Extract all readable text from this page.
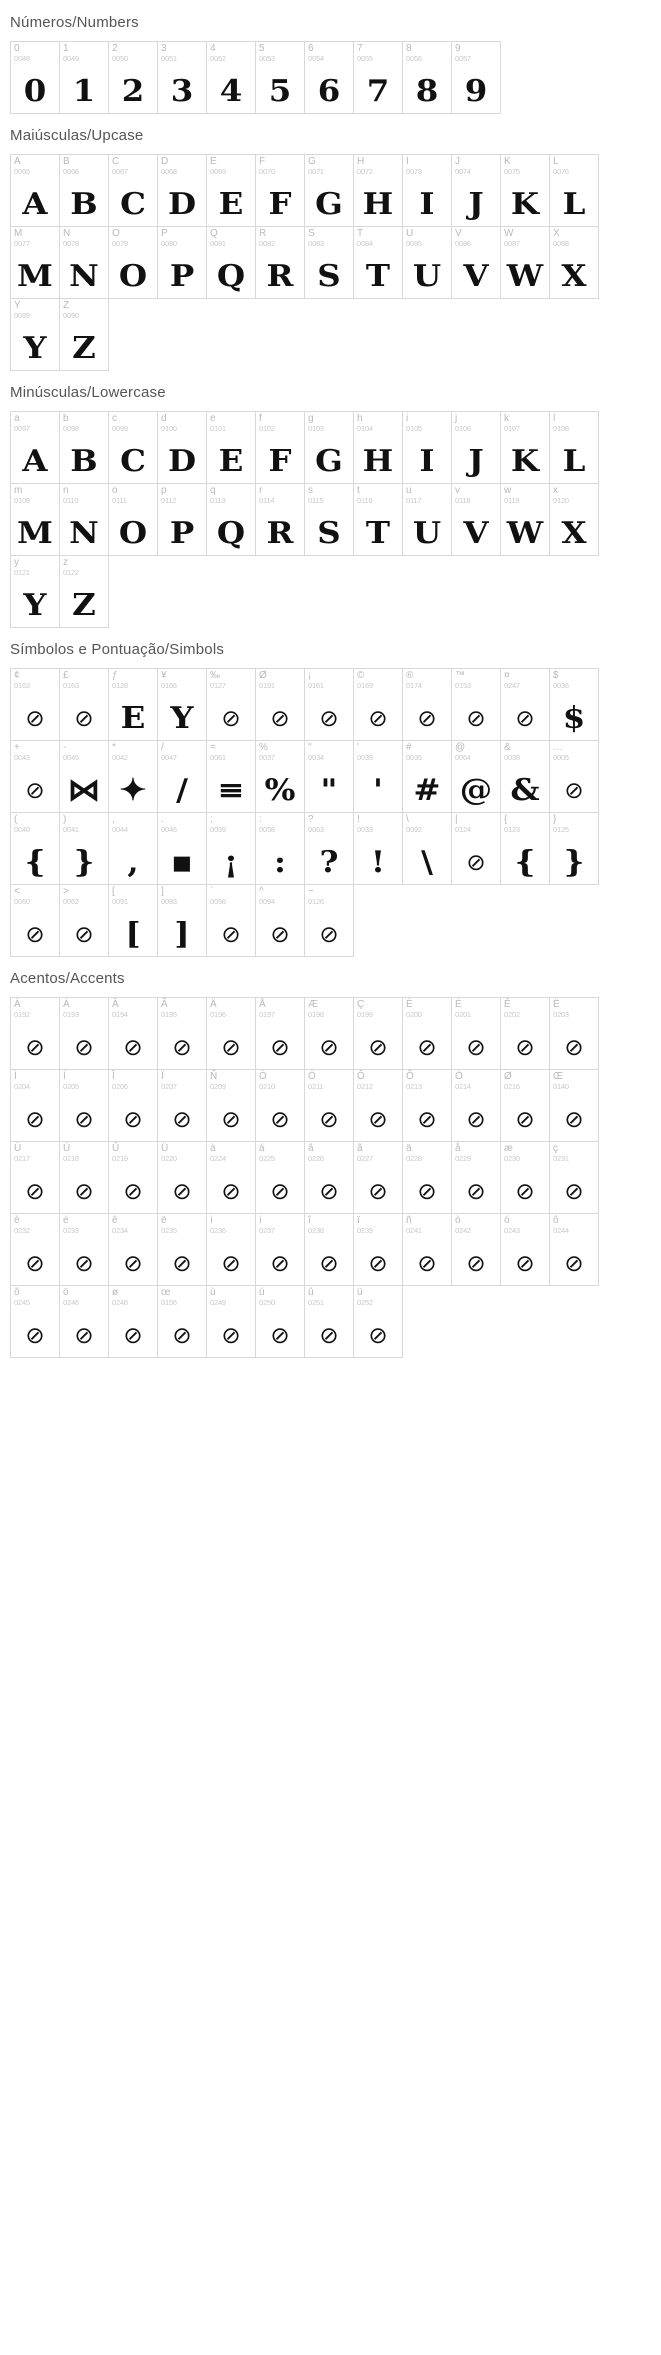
Números/Numbers
0
0048
0
1
0049
1
2
0050
2
3
0051
3
4
0052
4
5
0053
5
6
0054
6
7
0055
7
8
0056
8
9
0057
9
Maiúsculas/Upcase
A
0065
A
B
0066
B
C
0067
C
D
0068
D
E
0069
E
F
0070
F
G
0071
G
H
0072
H
I
0073
I
J
0074
J
K
0075
K
L
0076
L
M
0077
M
N
0078
N
O
0079
O
P
0080
P
Q
0081
Q
R
0082
R
S
0083
S
T
0084
T
U
0085
U
V
0086
V
W
0087
W
X
0088
X
Y
0089
Y
Z
0090
Z
Minúsculas/Lowercase
a
0097
A
b
0098
B
c
0099
C
d
0100
D
e
0101
E
f
0102
F
g
0103
G
h
0104
H
i
0105
I
j
0106
J
k
0107
K
l
0108
L
m
0109
M
n
0110
N
o
0111
O
p
0112
P
q
0113
Q
r
0114
R
s
0115
S
t
0116
T
u
0117
U
v
0118
V
w
0119
W
x
0120
X
y
0121
Y
z
0122
Z
Símbolos e Pontuação/Simbols
¢
0162
⊘
£
0163
⊘
ƒ
0128
E
¥
0165
Y
‰
0127
⊘
Ø
0191
⊘
¡
0161
⊘
©
0169
⊘
®
0174
⊘
™
0153
⊘
¤
0247
⊘
$
0036
$
+
0043
⊘
-
0045
⋈
*
0042
✦
/
0047
/
=
0061
≡
%
0037
%
"
0034
"
'
0039
'
#
0035
#
@
0064
@
&
0038
&
…
0005
⊘
(
0040
{
)
0041
}
,
0044
,
.
0046
▪
;
0059
¡
:
0058
:
?
0063
?
!
0033
!
\
0092
\
|
0124
⊘
{
0123
{
}
0125
}
<
0060
⊘
>
0062
⊘
[
0091
[
]
0093
]
`
0096
⊘
^
0094
⊘
~
0126
⊘
Acentos/Accents
À
0192
⊘
Á
0193
⊘
Â
0194
⊘
Ã
0195
⊘
Ä
0196
⊘
Å
0197
⊘
Æ
0198
⊘
Ç
0199
⊘
È
0200
⊘
É
0201
⊘
Ê
0202
⊘
Ë
0203
⊘
Ì
0204
⊘
Í
0205
⊘
Î
0206
⊘
Ï
0207
⊘
Ñ
0209
⊘
Ò
0210
⊘
Ó
0211
⊘
Ô
0212
⊘
Õ
0213
⊘
Ö
0214
⊘
Ø
0216
⊘
Œ
0140
⊘
Ù
0217
⊘
Ú
0218
⊘
Û
0219
⊘
Ü
0220
⊘
à
0224
⊘
á
0225
⊘
â
0226
⊘
ã
0227
⊘
ä
0228
⊘
å
0229
⊘
æ
0230
⊘
ç
0231
⊘
è
0232
⊘
é
0233
⊘
ê
0234
⊘
ë
0235
⊘
ì
0236
⊘
í
0237
⊘
î
0238
⊘
ï
0239
⊘
ñ
0241
⊘
ò
0242
⊘
ó
0243
⊘
ô
0244
⊘
õ
0245
⊘
ö
0246
⊘
ø
0248
⊘
œ
0156
⊘
ù
0249
⊘
ú
0250
⊘
û
0251
⊘
ü
0252
⊘
